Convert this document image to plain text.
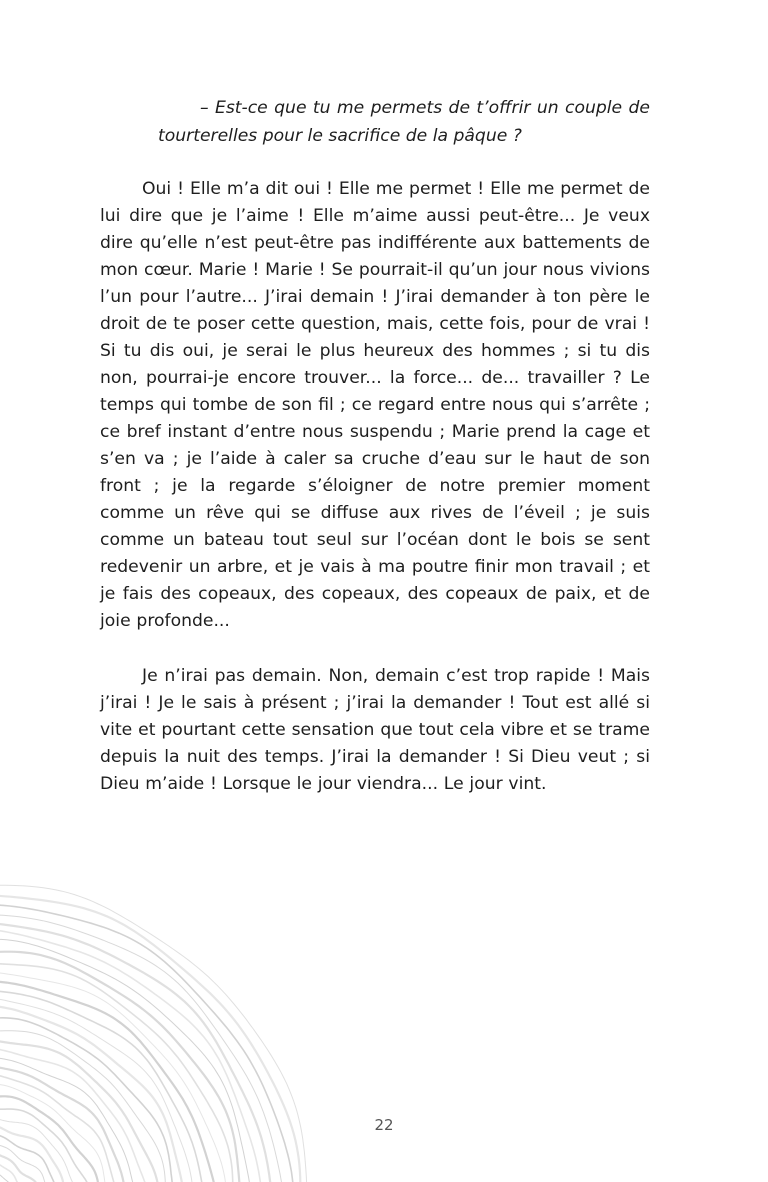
– Est-ce que tu me permets de t’offrir un couple de tourterelles pour le sacrifice de la pâque ?

Oui ! Elle m’a dit oui ! Elle me permet ! Elle me permet de lui dire que je l’aime ! Elle m’aime aussi peut-être... Je veux dire qu’elle n’est peut-être pas indifférente aux battements de mon cœur. Marie ! Marie ! Se pourrait-il qu’un jour nous vivions l’un pour l’autre... J’irai demain ! J’irai demander à ton père le droit de te poser cette question, mais, cette fois, pour de vrai ! Si tu dis oui, je serai le plus heureux des hommes ; si tu dis non, pourrai-je encore trouver... la force... de... travailler ? Le temps qui tombe de son fil ; ce regard entre nous qui s’arrête ; ce bref instant d’entre nous suspendu ; Marie prend la cage et s’en va ; je l’aide à caler sa cruche d’eau sur le haut de son front ; je la regarde s’éloigner de notre premier moment comme un rêve qui se diffuse aux rives de l’éveil ; je suis comme un bateau tout seul sur l’océan dont le bois se sent redevenir un arbre, et je vais à ma poutre finir mon travail ; et je fais des copeaux, des copeaux, des copeaux de paix, et de joie profonde...

Je n’irai pas demain. Non, demain c’est trop rapide ! Mais j’irai ! Je le sais à présent ; j’irai la demander ! Tout est allé si vite et pourtant cette sensation que tout cela vibre et se trame depuis la nuit des temps. J’irai la demander ! Si Dieu veut ; si Dieu m’aide ! Lorsque le jour viendra... Le jour vint.

22
